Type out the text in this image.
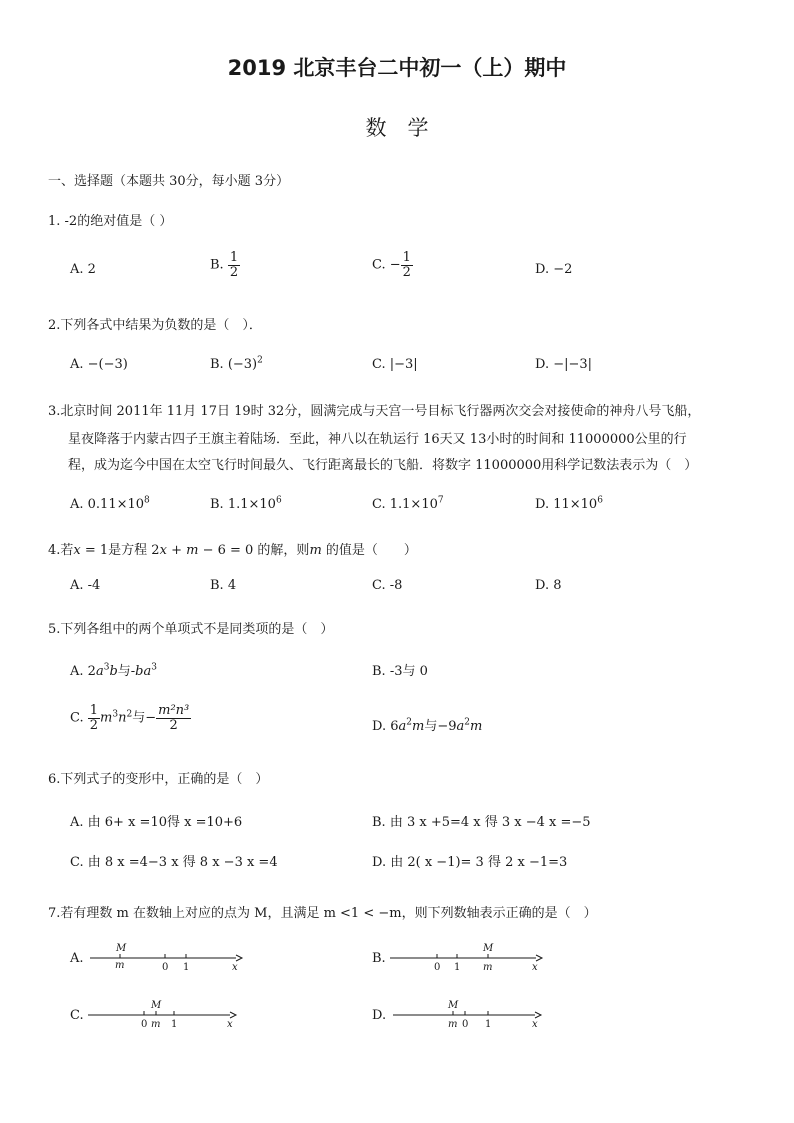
2019 北京丰台二中初一（上）期中
数　学
一、选择题（本题共 30分，每小题 3分）
1. -2的绝对值是（ ）
A. 2	B. $\frac{1}{2}$	C. − $\frac{1}{2}$	D. −2
2.下列各式中结果为负数的是（　）．
A. −(−3)	B. $(-3)^2$	C. |−3|	D. −|−3|
3.北京时间 2011年 11月 17日 19时 32分，圆满完成与天宫一号目标飞行器两次交会对接使命的神舟八号飞船，
星夜降落于内蒙古四子王旗主着陆场．至此，神八以在轨运行 16天又 13小时的时间和 11000000公里的行
程，成为迄今中国在太空飞行时间最久、飞行距离最长的飞船．将数字 11000000用科学记数法表示为（　）
A. $0.11\times 10^8$	B. $1.1\times 10^6$	C. $1.1\times 10^7$	D. $11\times 10^6$
4.若x = 1是方程 2x + m − 6 = 0 的解，则m 的值是（　　）
A. -4	B. 4	C. -8	D. 8
5.下列各组中的两个单项式不是同类项的是（　）
A. $2a^3b$与$-ba^3$	B. -3与 0
C. $\frac{1}{2} m^3n^2$与− $\frac{\text{m²n³}}{2}$	D. $6a^2m$与$-9a^2m$
6.下列式子的变形中，正确的是（　）
A. 由 6+ x =10得 x =10+6	B. 由 3 x +5=4 x 得 3 x −4 x =−5
C. 由 8 x =4−3 x 得 8 x −3 x =4	D. 由 2( x −1)= 3 得 2 x −1=3
7.若有理数 m 在数轴上对应的点为 M，且满足 m <1 < −m，则下列数轴表示正确的是（　）
A.
M
m	0 1	x
B.
0 1
M
m	x
C.
0
M
m 1	x
D.
M
m 0 1	x
